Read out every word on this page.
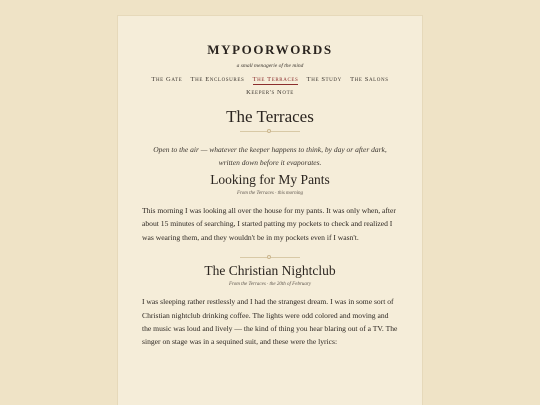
MYPOORWORDS
a small menagerie of the mind
The Gate The Enclosures The Terraces The Study The Salons
Keeper's Note
The Terraces
Open to the air — whatever the keeper happens to think, by day or after dark, written down before it evaporates.
Looking for My Pants
From the Terraces · this morning
This morning I was looking all over the house for my pants. It was only when, after about 15 minutes of searching, I started patting my pockets to check and realized I was wearing them, and they wouldn't be in my pockets even if I wasn't.
The Christian Nightclub
From the Terraces · the 20th of February
I was sleeping rather restlessly and I had the strangest dream. I was in some sort of Christian nightclub drinking coffee. The lights were odd colored and moving and the music was loud and lively — the kind of thing you hear blaring out of a TV. The singer on stage was in a sequined suit, and these were the lyrics:
